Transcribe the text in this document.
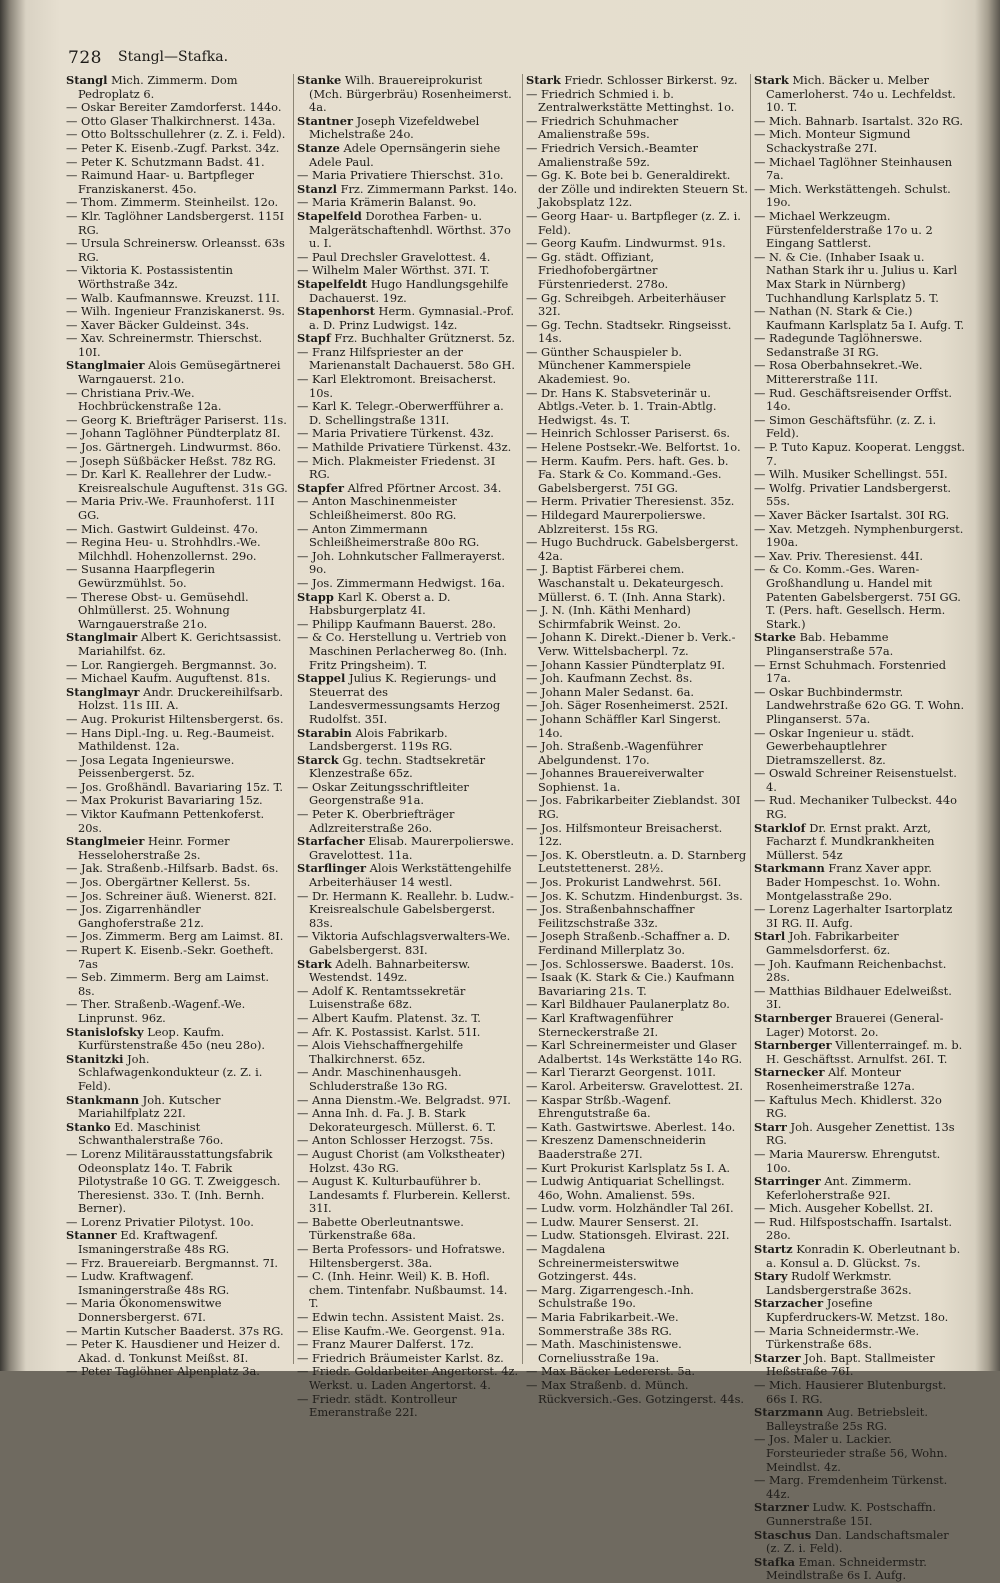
728 Stangl—Stafka.
Stangl Mich. Zimmerm. Dom Pedroplatz 6.
— Oskar Bereiter Zamdorferst. 144o.
— Otto Glaser Thalkirchnerst. 143a.
— Otto Boltsschullehrer (z. Z. i. Feld).
— Peter K. Eisenb.-Zugf. Parkst. 34z.
— Peter K. Schutzmann Badst. 41.
— Raimund Haar- u. Bartpfleger Franziskanerst. 45o.
— Thom. Zimmerm. Steinheilst. 12o.
— Klr. Taglöhner Landsbergerst. 115I RG.
— Ursula Schreinersw. Orleansst. 63s RG.
— Viktoria K. Postassistentin Wörthstraße 34z.
— Walb. Kaufmannswe. Kreuzst. 11I.
— Wilh. Ingenieur Franziskanerst. 9s.
— Xaver Bäcker Guldeinst. 34s.
— Xav. Schreinermstr. Thierschst. 10I.
Stanglmaier Alois Gemüsegärtnerei Warngauerst. 21o.
— Christiana Priv.-We. Hochbrückenstraße 12a.
— Georg K. Briefträger Pariserst. 11s.
— Johann Taglöhner Pündterplatz 8I.
— Jos. Gärtnergeh. Lindwurmst. 86o.
— Joseph Süßbäcker Heßst. 78z RG.
— Dr. Karl K. Reallehrer der Ludw.-Kreisrealschule Auguftenst. 31s GG.
— Maria Priv.-We. Fraunhoferst. 11I GG.
— Mich. Gastwirt Guldeinst. 47o.
— Regina Heu- u. Strohhdlrs.-We. Milchhdl. Hohenzollernst. 29o.
— Susanna Haarpflegerin Gewürzmühlst. 5o.
— Therese Obst- u. Gemüsehdl. Ohlmüllerst. 25. Wohnung Warngauerstraße 21o.
Stanglmair Albert K. Gerichtsassist. Mariahilfst. 6z.
— Lor. Rangiergeh. Bergmannst. 3o.
— Michael Kaufm. Auguftenst. 81s.
Stanglmayr Andr. Druckereihilfsarb. Holzst. 11s III. A.
— Aug. Prokurist Hiltensbergerst. 6s.
— Hans Dipl.-Ing. u. Reg.-Baumeist. Mathildenst. 12a.
— Josa Legata Ingenieurswe. Peissenbergerst. 5z.
— Jos. Großhändl. Bavariaring 15z. T.
— Max Prokurist Bavariaring 15z.
— Viktor Kaufmann Pettenkoferst. 20s.
Stanglmeier Heinr. Former Hesseloherstraße 2s.
— Jak. Straßenb.-Hilfsarb. Badst. 6s.
— Jos. Obergärtner Kellerst. 5s.
— Jos. Schreiner äuß. Wienerst. 82I.
— Jos. Zigarrenhändler Ganghoferstraße 21z.
— Jos. Zimmerm. Berg am Laimst. 8I.
— Rupert K. Eisenb.-Sekr. Goetheft. 7as
— Seb. Zimmerm. Berg am Laimst. 8s.
— Ther. Straßenb.-Wagenf.-We. Linprunst. 96z.
Stanislofsky Leop. Kaufm. Kurfürstenstraße 45o (neu 28o).
Stanitzki Joh. Schlafwagenkondukteur (z. Z. i. Feld).
Stankmann Joh. Kutscher Mariahilfplatz 22I.
Stanko Ed. Maschinist Schwanthalerstraße 76o.
— Lorenz Militärausstattungsfabrik Odeonsplatz 14o. T. Fabrik Pilotystraße 10 GG. T. Zweiggesch. Theresienst. 33o. T. (Inh. Bernh. Berner).
— Lorenz Privatier Pilotyst. 10o.
Stanner Ed. Kraftwagenf. Ismaningerstraße 48s RG.
— Frz. Brauereiarb. Bergmannst. 7I.
— Ludw. Kraftwagenf. Ismaningerstraße 48s RG.
— Maria Ökonomenswitwe Donnersbergerst. 67I.
— Martin Kutscher Baaderst. 37s RG.
— Peter K. Hausdiener und Heizer d. Akad. d. Tonkunst Meißst. 8I.
— Peter Taglöhner Alpenplatz 3a.
Stanke Wilh. Brauereiprokurist (Mch. Bürgerbräu) Rosenheimerst. 4a.
Stantner Joseph Vizefeldwebel Michelstraße 24o.
Stanze Adele Opernsängerin siehe Adele Paul.
— Maria Privatiere Thierschst. 31o.
Stanzl Frz. Zimmermann Parkst. 14o.
— Maria Krämerin Balanst. 9o.
Stapelfeld Dorothea Farben- u. Malgerätschaftenhdl. Wörthst. 37o u. I.
— Paul Drechsler Gravelottest. 4.
— Wilhelm Maler Wörthst. 37I. T.
Stapelfeldt Hugo Handlungsgehilfe Dachauerst. 19z.
Stapenhorst Herm. Gymnasial.-Prof. a. D. Prinz Ludwigst. 14z.
Stapf Frz. Buchhalter Grütznerst. 5z.
— Franz Hilfspriester an der Marienanstalt Dachauerst. 58o GH.
— Karl Elektromont. Breisacherst. 10s.
— Karl K. Telegr.-Oberwerfführer a. D. Schellingstraße 131I.
— Maria Privatiere Türkenst. 43z.
— Mathilde Privatiere Türkenst. 43z.
— Mich. Plakmeister Friedenst. 3I RG.
Stapfer Alfred Pförtner Arcost. 34.
— Anton Maschinenmeister Schleißheimerst. 80o RG.
— Anton Zimmermann Schleißheimerstraße 80o RG.
— Joh. Lohnkutscher Fallmerayerst. 9o.
— Jos. Zimmermann Hedwigst. 16a.
Stapp Karl K. Oberst a. D. Habsburgerplatz 4I.
— Philipp Kaufmann Bauerst. 28o.
— & Co. Herstellung u. Vertrieb von Maschinen Perlacherweg 8o. (Inh. Fritz Pringsheim). T.
Stappel Julius K. Regierungs- und Steuerrat des Landesvermessungsamts Herzog Rudolfst. 35I.
Starabin Alois Fabrikarb. Landsbergerst. 119s RG.
Starck Gg. techn. Stadtsekretär Klenzestraße 65z.
— Oskar Zeitungsschriftleiter Georgenstraße 91a.
— Peter K. Oberbriefträger Adlzreiterstraße 26o.
Starfacher Elisab. Maurerpolierswe. Gravelottest. 11a.
Starflinger Alois Werkstättengehilfe Arbeiterhäuser 14 westl.
— Dr. Hermann K. Reallehr. b. Ludw.-Kreisrealschule Gabelsbergerst. 83s.
— Viktoria Aufschlagsverwalters-We. Gabelsbergerst. 83I.
Stark Adelh. Bahnarbeitersw. Westendst. 149z.
— Adolf K. Rentamtssekretär Luisenstraße 68z.
— Albert Kaufm. Platenst. 3z. T.
— Afr. K. Postassist. Karlst. 51I.
— Alois Viehschaffnergehilfe Thalkirchnerst. 65z.
— Andr. Maschinenhausgeh. Schluderstraße 13o RG.
— Anna Dienstm.-We. Belgradst. 97I.
— Anna Inh. d. Fa. J. B. Stark Dekorateurgesch. Müllerst. 6. T.
— Anton Schlosser Herzogst. 75s.
— August Chorist (am Volkstheater) Holzst. 43o RG.
— August K. Kulturbauführer b. Landesamts f. Flurberein. Kellerst. 31I.
— Babette Oberleutnantswe. Türkenstraße 68a.
— Berta Professors- und Hofratswe. Hiltensbergerst. 38a.
— C. (Inh. Heinr. Weil) K. B. Hofl. chem. Tintenfabr. Nußbaumst. 14. T.
— Edwin techn. Assistent Maist. 2s.
— Elise Kaufm.-We. Georgenst. 91a.
— Franz Maurer Dalferst. 17z.
— Friedrich Bräumeister Karlst. 8z.
— Friedr. Goldarbeiter Angertorst. 4z. Werkst. u. Laden Angertorst. 4.
— Friedr. städt. Kontrolleur Emeranstraße 22I.
Stark Friedr. Schlosser Birkerst. 9z.
— Friedrich Schmied i. b. Zentralwerkstätte Mettinghst. 1o.
— Friedrich Schuhmacher Amalienstraße 59s.
— Friedrich Versich.-Beamter Amalienstraße 59z.
— Gg. K. Bote bei b. Generaldirekt. der Zölle und indirekten Steuern St. Jakobsplatz 12z.
— Georg Haar- u. Bartpfleger (z. Z. i. Feld).
— Georg Kaufm. Lindwurmst. 91s.
— Gg. städt. Offiziant, Friedhofobergärtner Fürstenriederst. 278o.
— Gg. Schreibgeh. Arbeiterhäuser 32I.
— Gg. Techn. Stadtsekr. Ringseisst. 14s.
— Günther Schauspieler b. Münchener Kammerspiele Akademiest. 9o.
— Dr. Hans K. Stabsveterinär u. Abtlgs.-Veter. b. 1. Train-Abtlg. Hedwigst. 4s. T.
— Heinrich Schlosser Pariserst. 6s.
— Helene Postsekr.-We. Belfortst. 1o.
— Herm. Kaufm. Pers. haft. Ges. b. Fa. Stark & Co. Kommand.-Ges. Gabelsbergerst. 75I GG.
— Herm. Privatier Theresienst. 35z.
— Hildegard Maurerpolierswe. Ablzreiterst. 15s RG.
— Hugo Buchdruck. Gabelsbergerst. 42a.
— J. Baptist Färberei chem. Waschanstalt u. Dekateurgesch. Müllerst. 6. T. (Inh. Anna Stark).
— J. N. (Inh. Käthi Menhard) Schirmfabrik Weinst. 2o.
— Johann K. Direkt.-Diener b. Verk.-Verw. Wittelsbacherpl. 7z.
— Johann Kassier Pündterplatz 9I.
— Joh. Kaufmann Zechst. 8s.
— Johann Maler Sedanst. 6a.
— Joh. Säger Rosenheimerst. 252I.
— Johann Schäffler Karl Singerst. 14o.
— Joh. Straßenb.-Wagenführer Abelgundenst. 17o.
— Johannes Brauereiverwalter Sophienst. 1a.
— Jos. Fabrikarbeiter Zieblandst. 30I RG.
— Jos. Hilfsmonteur Breisacherst. 12z.
— Jos. K. Oberstleutn. a. D. Starnberg Leutstettenerst. 28½.
— Jos. Prokurist Landwehrst. 56I.
— Jos. K. Schutzm. Hindenburgst. 3s.
— Jos. Straßenbahnschaffner Feilitzschstraße 33z.
— Joseph Straßenb.-Schaffner a. D. Ferdinand Millerplatz 3o.
— Jos. Schlosserswe. Baaderst. 10s.
— Isaak (K. Stark & Cie.) Kaufmann Bavariaring 21s. T.
— Karl Bildhauer Paulanerplatz 8o.
— Karl Kraftwagenführer Sterneckerstraße 2I.
— Karl Schreinermeister und Glaser Adalbertst. 14s Werkstätte 14o RG.
— Karl Tierarzt Georgenst. 101I.
— Karol. Arbeitersw. Gravelottest. 2I.
— Kaspar Strßb.-Wagenf. Ehrengutstraße 6a.
— Kath. Gastwirtswe. Aberlest. 14o.
— Kreszenz Damenschneiderin Baaderstraße 27I.
— Kurt Prokurist Karlsplatz 5s I. A.
— Ludwig Antiquariat Schellingst. 46o, Wohn. Amalienst. 59s.
— Ludw. vorm. Holzhändler Tal 26I.
— Ludw. Maurer Senserst. 2I.
— Ludw. Stationsgeh. Elvirast. 22I.
— Magdalena Schreinermeisterswitwe Gotzingerst. 44s.
— Marg. Zigarrengesch.-Inh. Schulstraße 19o.
— Maria Fabrikarbeit.-We. Sommerstraße 38s RG.
— Math. Maschinistenswe. Corneliusstraße 19a.
— Max Bäcker Ledererst. 5a.
— Max Straßenb. d. Münch. Rückversich.-Ges. Gotzingerst. 44s.
Stark Mich. Bäcker u. Melber Camerloherst. 74o u. Lechfeldst. 10. T.
— Mich. Bahnarb. Isartalst. 32o RG.
— Mich. Monteur Sigmund Schackystraße 27I.
— Michael Taglöhner Steinhausen 7a.
— Mich. Werkstättengeh. Schulst. 19o.
— Michael Werkzeugm. Fürstenfelderstraße 17o u. 2 Eingang Sattlerst.
— N. & Cie. (Inhaber Isaak u. Nathan Stark ihr u. Julius u. Karl Max Stark in Nürnberg) Tuchhandlung Karlsplatz 5. T.
— Nathan (N. Stark & Cie.) Kaufmann Karlsplatz 5a I. Aufg. T.
— Radegunde Taglöhnerswe. Sedanstraße 3I RG.
— Rosa Oberbahnsekret.-We. Mittererstraße 11I.
— Rud. Geschäftsreisender Orffst. 14o.
— Simon Geschäftsführ. (z. Z. i. Feld).
— P. Tuto Kapuz. Kooperat. Lenggst. 7.
— Wilh. Musiker Schellingst. 55I.
— Wolfg. Privatier Landsbergerst. 55s.
— Xaver Bäcker Isartalst. 30I RG.
— Xav. Metzgeh. Nymphenburgerst. 190a.
— Xav. Priv. Theresienst. 44I.
— & Co. Komm.-Ges. Waren-Großhandlung u. Handel mit Patenten Gabelsbergerst. 75I GG. T. (Pers. haft. Gesellsch. Herm. Stark.)
Starke Bab. Hebamme Plinganserstraße 57a.
— Ernst Schuhmach. Forstenried 17a.
— Oskar Buchbindermstr. Landwehrstraße 62o GG. T. Wohn. Plinganserst. 57a.
— Oskar Ingenieur u. städt. Gewerbehauptlehrer Dietramszellerst. 8z.
— Oswald Schreiner Reisenstuelst. 4.
— Rud. Mechaniker Tulbeckst. 44o RG.
Starklof Dr. Ernst prakt. Arzt, Facharzt f. Mundkrankheiten Müllerst. 54z
Starkmann Franz Xaver appr. Bader Hompeschst. 1o. Wohn. Montgelasstraße 29o.
— Lorenz Lagerhalter Isartorplatz 3I RG. II. Aufg.
Starl Joh. Fabrikarbeiter Gammelsdorferst. 6z.
— Joh. Kaufmann Reichenbachst. 28s.
— Matthias Bildhauer Edelweißst. 3I.
Starnberger Brauerei (General-Lager) Motorst. 2o.
Starnberger Villenterraingef. m. b. H. Geschäftsst. Arnulfst. 26I. T.
Starnecker Alf. Monteur Rosenheimerstraße 127a.
— Kaftulus Mech. Khidlerst. 32o RG.
Starr Joh. Ausgeher Zenettist. 13s RG.
— Maria Maurersw. Ehrengutst. 10o.
Starringer Ant. Zimmerm. Keferloherstraße 92I.
— Mich. Ausgeher Kobellst. 2I.
— Rud. Hilfspostschaffn. Isartalst. 28o.
Startz Konradin K. Oberleutnant b. a. Konsul a. D. Glückst. 7s.
Stary Rudolf Werkmstr. Landsbergerstraße 362s.
Starzacher Josefine Kupferdruckers-W. Metzst. 18o.
— Maria Schneidermstr.-We. Türkenstraße 68s.
Starzer Joh. Bapt. Stallmeister Heßstraße 76I.
— Mich. Hausierer Blutenburgst. 66s I. RG.
Starzmann Aug. Betriebsleit. Balleystraße 25s RG.
— Jos. Maler u. Lackier. Forsteurieder straße 56, Wohn. Meindlst. 4z.
— Marg. Fremdenheim Türkenst. 44z.
Starzner Ludw. K. Postschaffn. Gunnerstraße 15I.
Staschus Dan. Landschaftsmaler (z. Z. i. Feld).
Stafka Eman. Schneidermstr. Meindlstraße 6s I. Aufg.
